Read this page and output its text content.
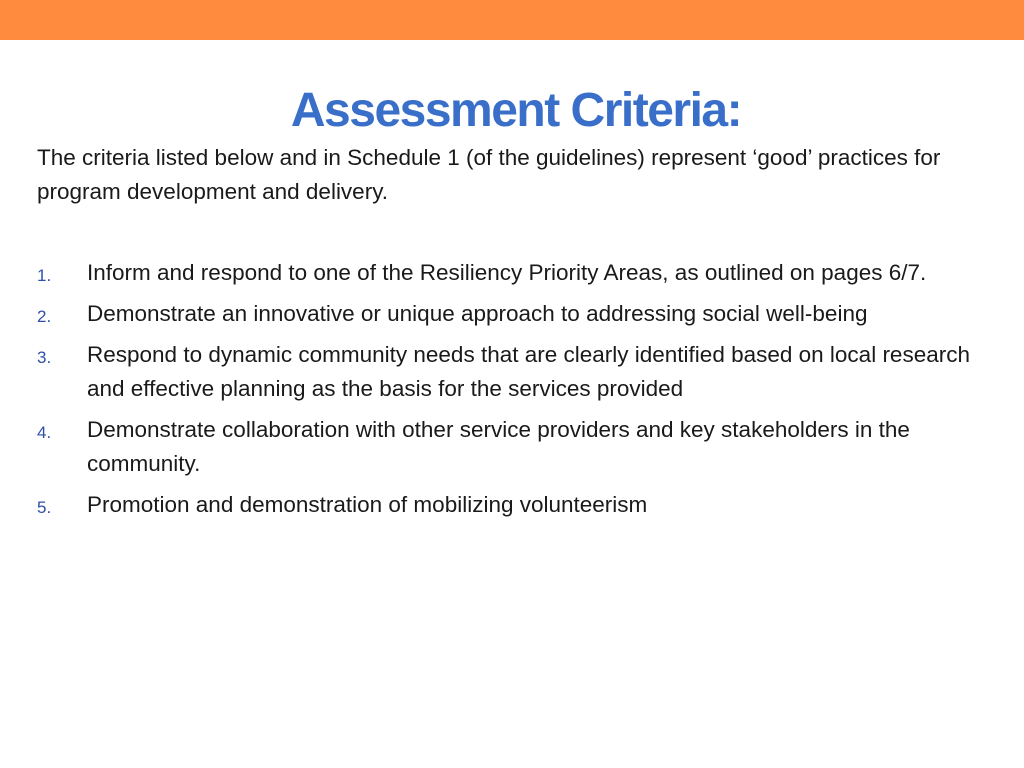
Assessment Criteria:

The criteria listed below and in Schedule 1 (of the guidelines) represent ‘good’ practices for program development and delivery.

1. Inform and respond to one of the Resiliency Priority Areas, as outlined on pages 6/7.
2. Demonstrate an innovative or unique approach to addressing social well-being
3. Respond to dynamic community needs that are clearly identified based on local research and effective planning as the basis for the services provided
4. Demonstrate collaboration with other service providers and key stakeholders in the community.
5. Promotion and demonstration of mobilizing volunteerism
